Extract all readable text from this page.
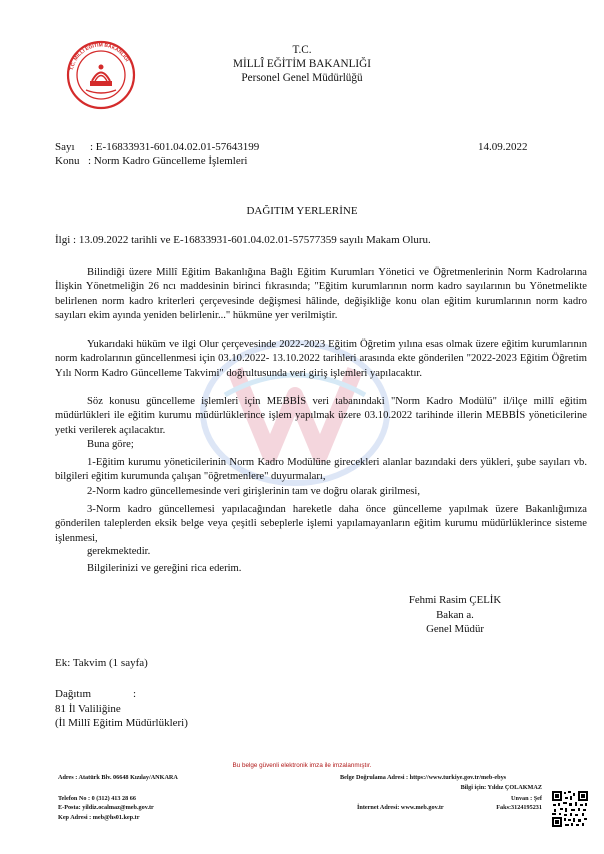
T.C. MİLLÎ EĞİTİM BAKANLIĞI
T.C.
MİLLÎ EĞİTİM BAKANLIĞI
Personel Genel Müdürlüğü
Sayı : E-16833931-601.04.02.01-57643199	14.09.2022
Konu : Norm Kadro Güncelleme İşlemleri
DAĞITIM YERLERİNE
İlgi : 13.09.2022 tarihli ve E-16833931-601.04.02.01-57577359 sayılı Makam Oluru.

Bilindiği üzere Millî Eğitim Bakanlığına Bağlı Eğitim Kurumları Yönetici ve Öğretmenlerinin Norm Kadrolarına İlişkin Yönetmeliğin 26 ncı maddesinin birinci fıkrasında; "Eğitim kurumlarının norm kadro sayılarının bu Yönetmelikte belirlenen norm kadro kriterleri çerçevesinde değişmesi hâlinde, değişikliğe konu olan eğitim kurumlarının norm kadro sayıları ekim ayında yeniden belirlenir..." hükmüne yer verilmiştir.

Yukarıdaki hüküm ve ilgi Olur çerçevesinde 2022-2023 Eğitim Öğretim yılına esas olmak üzere eğitim kurumlarının norm kadrolarının güncellenmesi için 03.10.2022- 13.10.2022 tarihleri arasında ekte gönderilen "2022-2023 Eğitim Öğretim Yılı Norm Kadro Güncelleme Takvimi" doğrultusunda veri giriş işlemleri yapılacaktır.

Söz konusu güncelleme işlemleri için MEBBİS veri tabanındaki "Norm Kadro Modülü" il/ilçe millî eğitim müdürlükleri ile eğitim kurumu müdürlüklerince işlem yapılmak üzere 03.10.2022 tarihinde illerin MEBBİS yöneticilerine yetki verilerek açılacaktır.

Buna göre;

1-Eğitim kurumu yöneticilerinin Norm Kadro Modülüne girecekleri alanlar bazındaki ders yükleri, şube sayıları vb. bilgileri eğitim kurumunda çalışan "öğretmenlere" duyurmaları,

2-Norm kadro güncellemesinde veri girişlerinin tam ve doğru olarak girilmesi,

3-Norm kadro güncellemesi yapılacağından hareketle daha önce güncelleme yapılmak üzere Bakanlığımıza gönderilen taleplerden eksik belge veya çeşitli sebeplerle işlemi yapılamayanların eğitim kurumu müdürlüklerince sisteme işlenmesi,

gerekmektedir.

Bilgilerinizi ve gereğini rica ederim.

Fehmi Rasim ÇELİK
Bakan a.
Genel Müdür
Ek: Takvim (1 sayfa)
Dağıtım	:
81 İl Valiliğine
(İl Millî Eğitim Müdürlükleri)
Bu belge güvenli elektronik imza ile imzalanmıştır.
Adres : Atatürk Blv. 06648 Kızılay/ANKARA	Belge Doğrulama Adresi : https://www.turkiye.gov.tr/meb-ebys
Bilgi için: Yıldız ÇOLAKMAZ
Telefon No : 0 (312) 413 28 66	Unvan : Şef
E-Posta: yildiz.ocalmaz@meb.gov.tr	İnternet Adresi: www.meb.gov.tr	Faks:3124195231
Kep Adresi : meb@hs01.kep.tr
